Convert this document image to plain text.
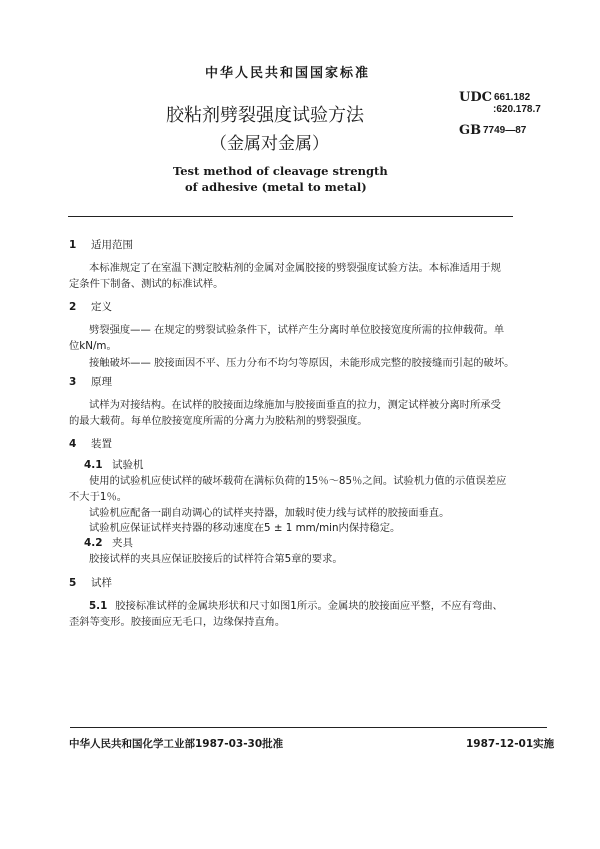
中华人民共和国国家标准
胶粘剂劈裂强度试验方法
（金属对金属）
UDC 661.182
:620.178.7
GB 7749—87
Test method of cleavage strength
of adhesive (metal to metal)
1 适用范围
本标准规定了在室温下测定胶粘剂的金属对金属胶接的劈裂强度试验方法。本标准适用于规定条件下制备、测试的标准试样。
2 定义
劈裂强度—— 在规定的劈裂试验条件下，试样产生分离时单位胶接宽度所需的拉伸载荷。单位kN/m。
接触破坏—— 胶接面因不平、压力分布不均匀等原因，未能形成完整的胶接缝而引起的破坏。
3 原理
试样为对接结构。在试样的胶接面边缘施加与胶接面垂直的拉力，测定试样被分离时所承受的最大载荷。每单位胶接宽度所需的分离力为胶粘剂的劈裂强度。
4 装置
4.1 试验机
使用的试验机应使试样的破坏载荷在满标负荷的15％～85％之间。试验机力值的示值误差应不大于1％。
试验机应配备一副自动调心的试样夹持器，加载时使力线与试样的胶接面垂直。
试验机应保证试样夹持器的移动速度在5 ± 1 mm/min内保持稳定。
4.2 夹具
胶接试样的夹具应保证胶接后的试样符合第5章的要求。
5 试样
5.1 胶接标准试样的金属块形状和尺寸如图1所示。金属块的胶接面应平整，不应有弯曲、歪斜等变形。胶接面应无毛口，边缘保持直角。
中华人民共和国化学工业部1987-03-30批准	1987-12-01实施
